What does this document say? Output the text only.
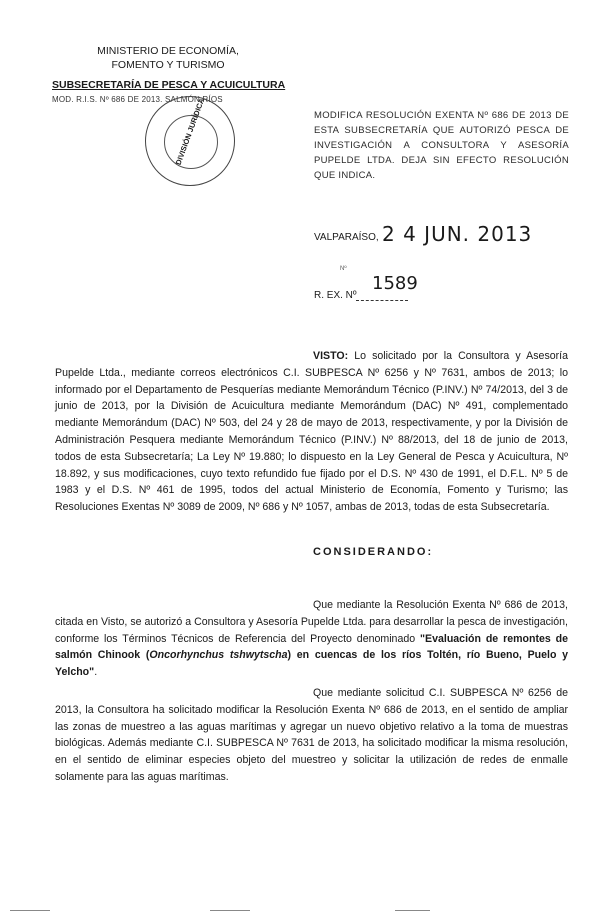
MINISTERIO DE ECONOMÍA,
FOMENTO Y TURISMO
SUBSECRETARÍA DE PESCA Y ACUICULTURA
MOD. R.I.S. Nº 686 DE 2013. SALMÓN RÍOS
DIVISIÓN JURÍDICA	MODIFICA RESOLUCIÓN EXENTA Nº 686 DE 2013 DE ESTA SUBSECRETARÍA QUE AUTORIZÓ PESCA DE INVESTIGACIÓN A CONSULTORA Y ASESORÍA PUPELDE LTDA. DEJA SIN EFECTO RESOLUCIÓN QUE INDICA.
VALPARAÍSO, 2 4 JUN. 2013
Nº
1589
R. EX. Nº
VISTO: Lo solicitado por la Consultora y Asesoría Pupelde Ltda., mediante correos electrónicos C.I. SUBPESCA Nº 6256 y Nº 7631, ambos de 2013; lo informado por el Departamento de Pesquerías mediante Memorándum Técnico (P.INV.) Nº 74/2013, del 3 de junio de 2013, por la División de Acuicultura mediante Memorándum (DAC) Nº 491, complementado mediante Memorándum (DAC) Nº 503, del 24 y 28 de mayo de 2013, respectivamente, y por la División de Administración Pesquera mediante Memorándum Técnico (P.INV.) Nº 88/2013, del 18 de junio de 2013, todos de esta Subsecretaría; La Ley Nº 19.880; lo dispuesto en la Ley General de Pesca y Acuicultura, Nº 18.892, y sus modificaciones, cuyo texto refundido fue fijado por el D.S. Nº 430 de 1991, el D.F.L. Nº 5 de 1983 y el D.S. Nº 461 de 1995, todos del actual Ministerio de Economía, Fomento y Turismo; las Resoluciones Exentas Nº 3089 de 2009, Nº 686 y Nº 1057, ambas de 2013, todas de esta Subsecretaría.
CONSIDERANDO:
Que mediante la Resolución Exenta Nº 686 de 2013, citada en Visto, se autorizó a Consultora y Asesoría Pupelde Ltda. para desarrollar la pesca de investigación, conforme los Términos Técnicos de Referencia del Proyecto denominado "Evaluación de remontes de salmón Chinook (Oncorhynchus tshwytscha) en cuencas de los ríos Toltén, río Bueno, Puelo y Yelcho".
Que mediante solicitud C.I. SUBPESCA Nº 6256 de 2013, la Consultora ha solicitado modificar la Resolución Exenta Nº 686 de 2013, en el sentido de ampliar las zonas de muestreo a las aguas marítimas y agregar un nuevo objetivo relativo a la toma de muestras biológicas. Además mediante C.I. SUBPESCA Nº 7631 de 2013, ha solicitado modificar la misma resolución, en el sentido de eliminar especies objeto del muestreo y solicitar la utilización de redes de enmalle solamente para las aguas marítimas.
